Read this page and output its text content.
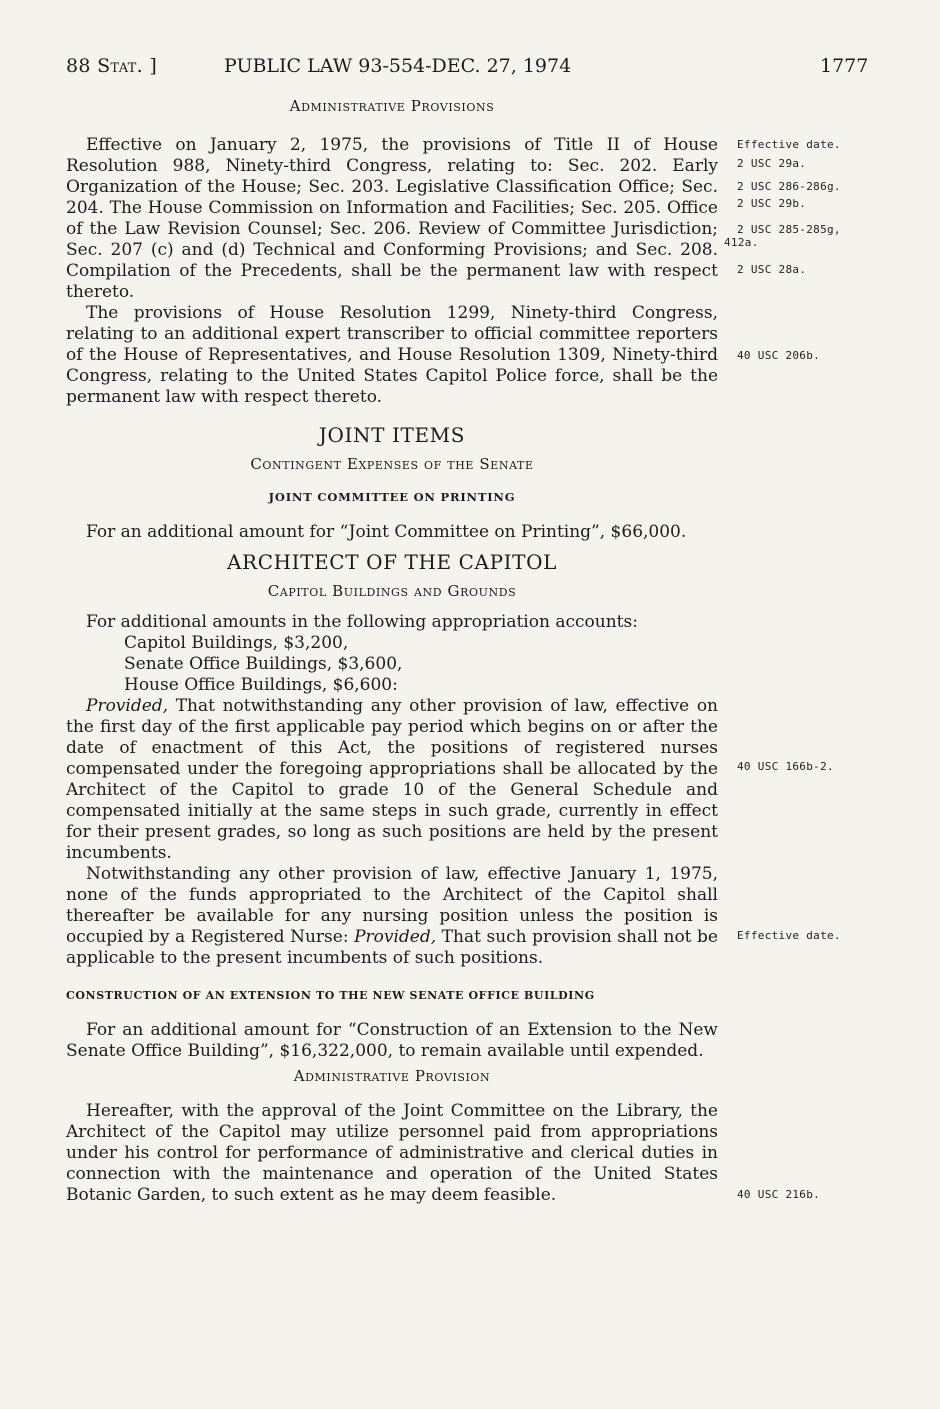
88 Stat. ]	PUBLIC LAW 93-554-DEC. 27, 1974	1777
Administrative Provisions

Effective on January 2, 1975, the provisions of Title II of House Resolution 988, Ninety-third Congress, relating to: Sec. 202. Early Organization of the House; Sec. 203. Legislative Classification Office; Sec. 204. The House Commission on Information and Facilities; Sec. 205. Office of the Law Revision Counsel; Sec. 206. Review of Committee Jurisdiction; Sec. 207 (c) and (d) Technical and Conforming Provisions; and Sec. 208. Compilation of the Precedents, shall be the permanent law with respect thereto.

The provisions of House Resolution 1299, Ninety-third Congress, relating to an additional expert transcriber to official committee reporters of the House of Representatives, and House Resolution 1309, Ninety-third Congress, relating to the United States Capitol Police force, shall be the permanent law with respect thereto.

JOINT ITEMS
Contingent Expenses of the Senate
JOINT COMMITTEE ON PRINTING

For an additional amount for “Joint Committee on Printing”, $66,000.

ARCHITECT OF THE CAPITOL
Capitol Buildings and Grounds

For additional amounts in the following appropriation accounts:

Capitol Buildings, $3,200,
Senate Office Buildings, $3,600,
House Office Buildings, $6,600:

Provided, That notwithstanding any other provision of law, effective on the first day of the first applicable pay period which begins on or after the date of enactment of this Act, the positions of registered nurses compensated under the foregoing appropriations shall be allocated by the Architect of the Capitol to grade 10 of the General Schedule and compensated initially at the same steps in such grade, currently in effect for their present grades, so long as such positions are held by the present incumbents.

Notwithstanding any other provision of law, effective January 1, 1975, none of the funds appropriated to the Architect of the Capitol shall thereafter be available for any nursing position unless the position is occupied by a Registered Nurse: Provided, That such provision shall not be applicable to the present incumbents of such positions.

CONSTRUCTION OF AN EXTENSION TO THE NEW SENATE OFFICE BUILDING

For an additional amount for “Construction of an Extension to the New Senate Office Building”, $16,322,000, to remain available until expended.

Administrative Provision

Hereafter, with the approval of the Joint Committee on the Library, the Architect of the Capitol may utilize personnel paid from appropriations under his control for performance of administrative and clerical duties in connection with the maintenance and operation of the United States Botanic Garden, to such extent as he may deem feasible.

Effective date.
2 USC 29a.
2 USC 286-286g.
2 USC 29b.
2 USC 285-285g,
412a.
2 USC 28a.
40 USC 206b.
40 USC 166b-2.
Effective date.
40 USC 216b.
